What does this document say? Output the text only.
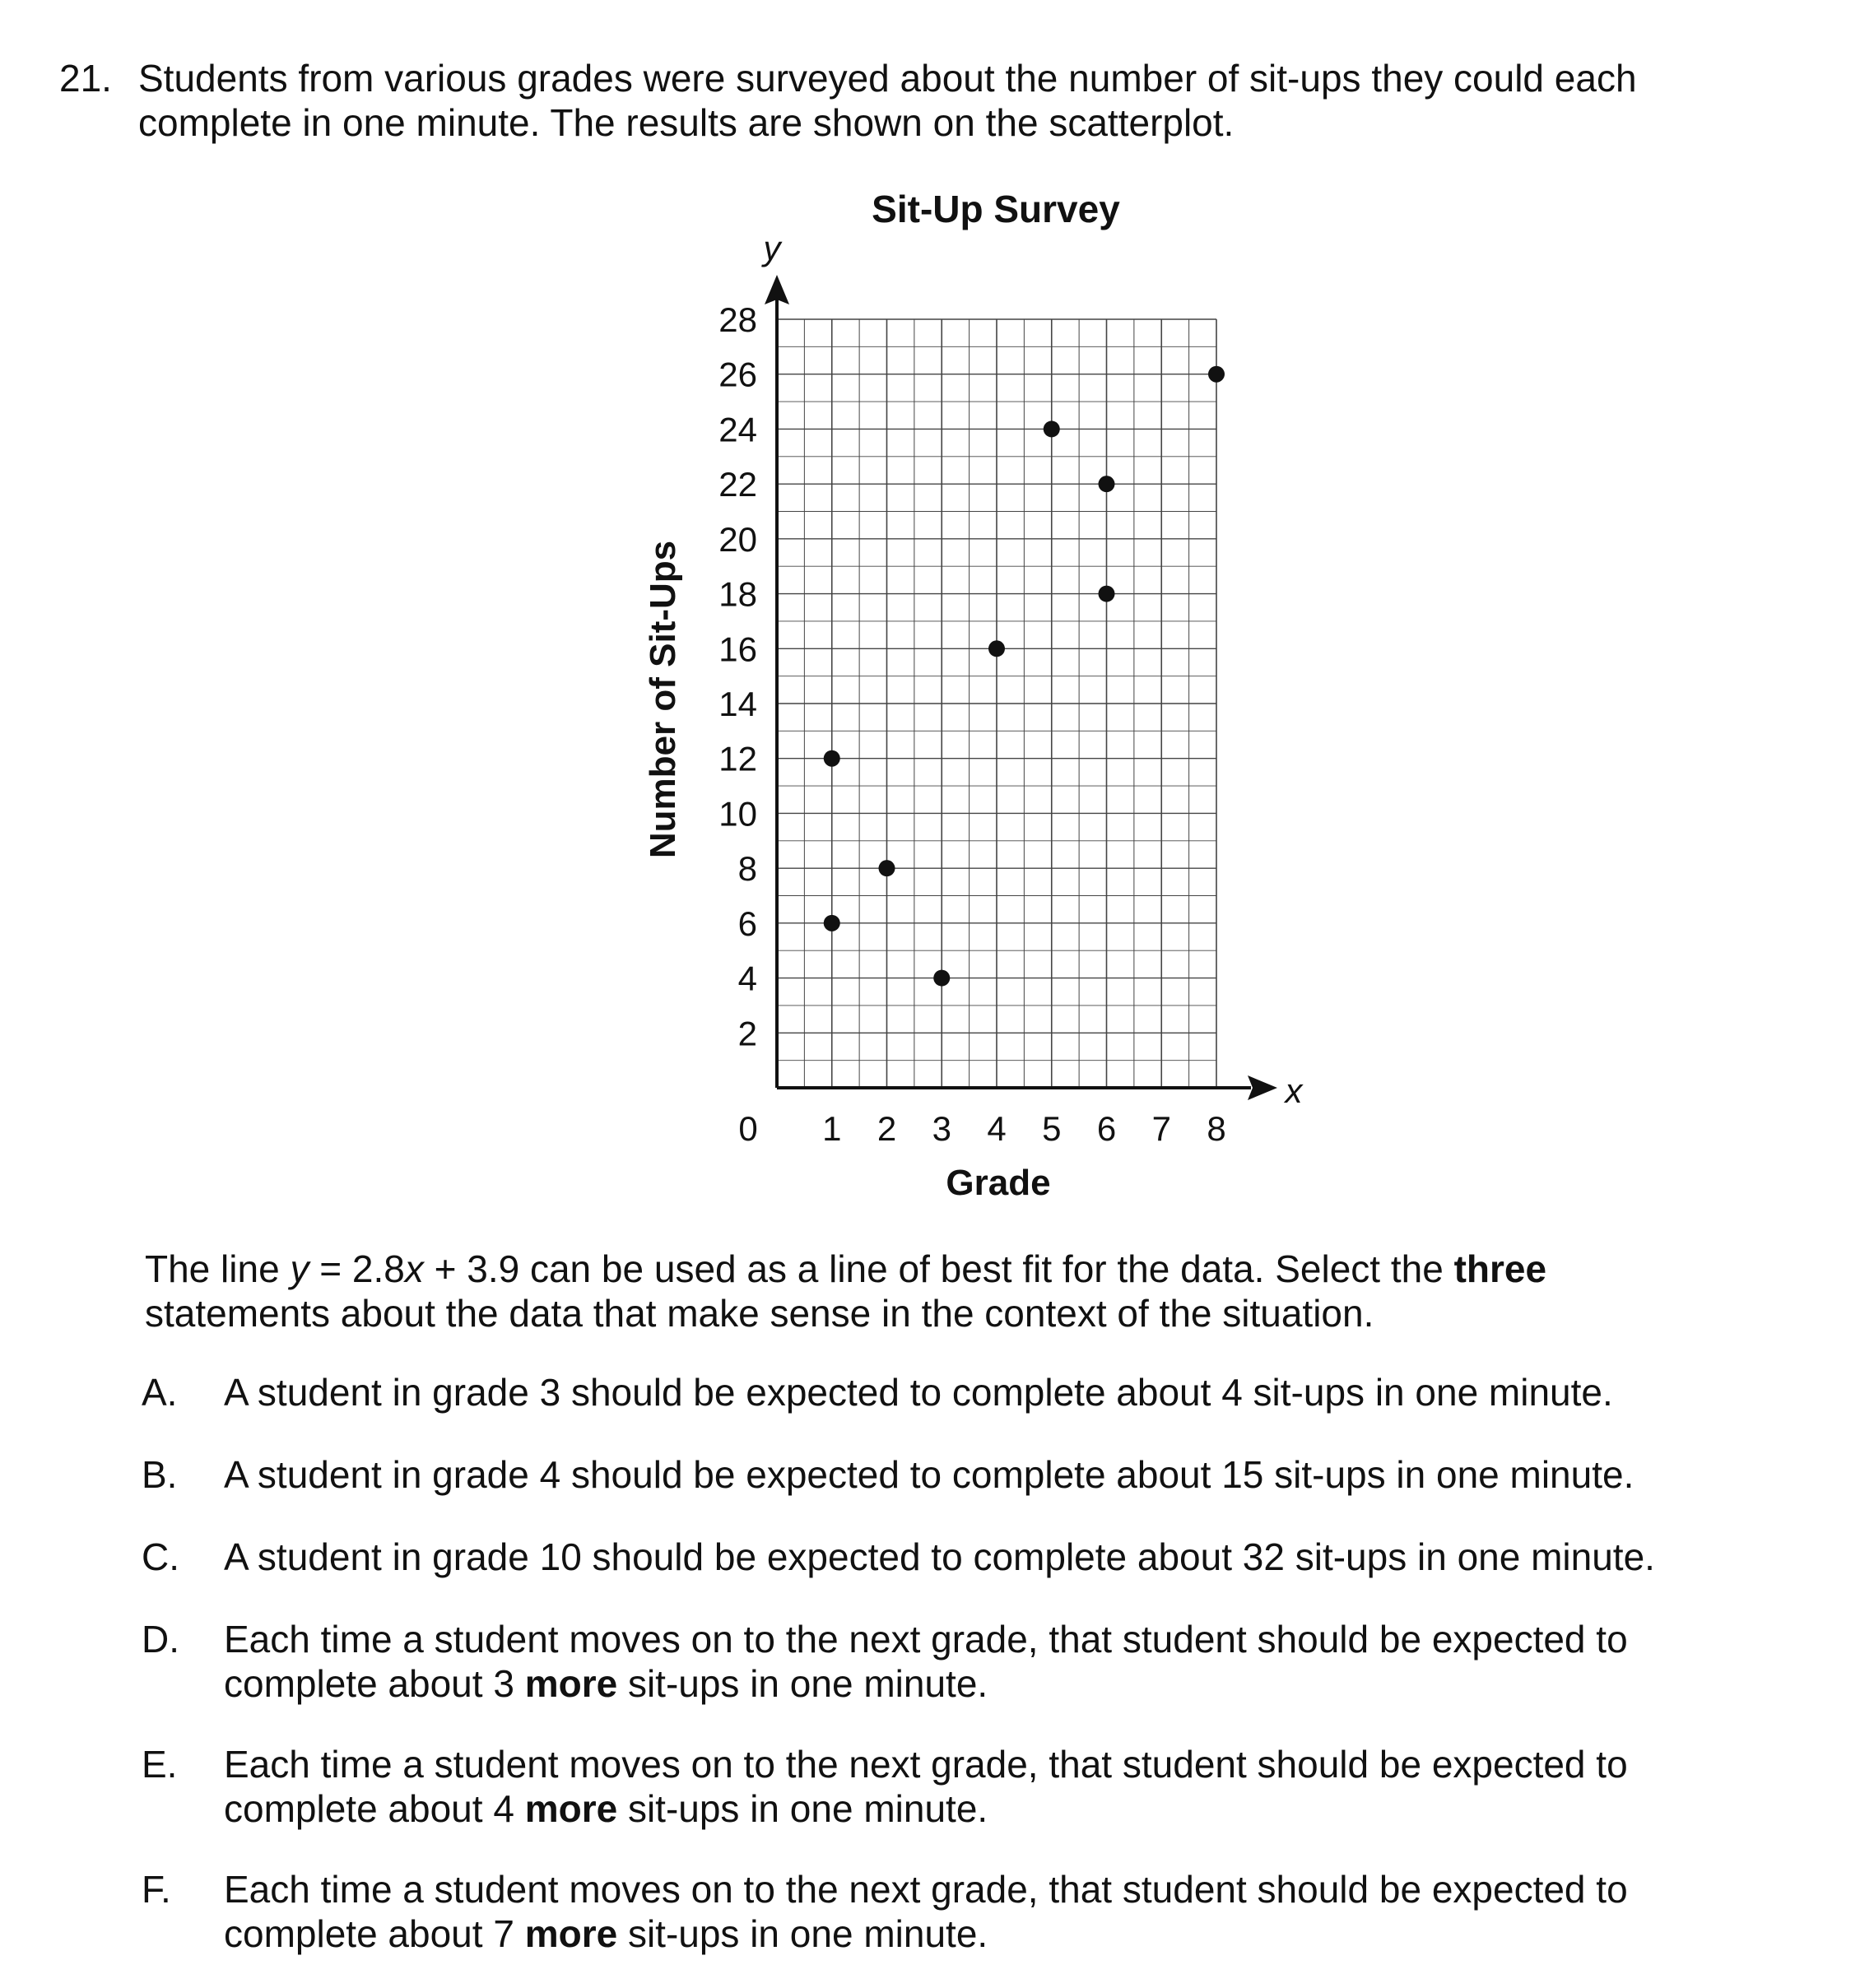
21. Students from various grades were surveyed about the number of sit-ups they could each
complete in one minute. The results are shown on the scatterplot.
2
4
6
8
10
12
14
16
18
20
22
24
26
28
1 2 3 4 5 6 7 8
Sit-Up Survey
Grade
Number of Sit-Ups
y
x
0
The line y = 2.8x + 3.9 can be used as a line of best fit for the data. Select the three
statements about the data that make sense in the context of the situation.
A.	A student in grade 3 should be expected to complete about 4 sit-ups in one minute.
B.	A student in grade 4 should be expected to complete about 15 sit-ups in one minute.
C.	A student in grade 10 should be expected to complete about 32 sit-ups in one minute.
D.	Each time a student moves on to the next grade, that student should be expected to
complete about 3 more sit-ups in one minute.
E.	Each time a student moves on to the next grade, that student should be expected to
complete about 4 more sit-ups in one minute.
F.	Each time a student moves on to the next grade, that student should be expected to
complete about 7 more sit-ups in one minute.
